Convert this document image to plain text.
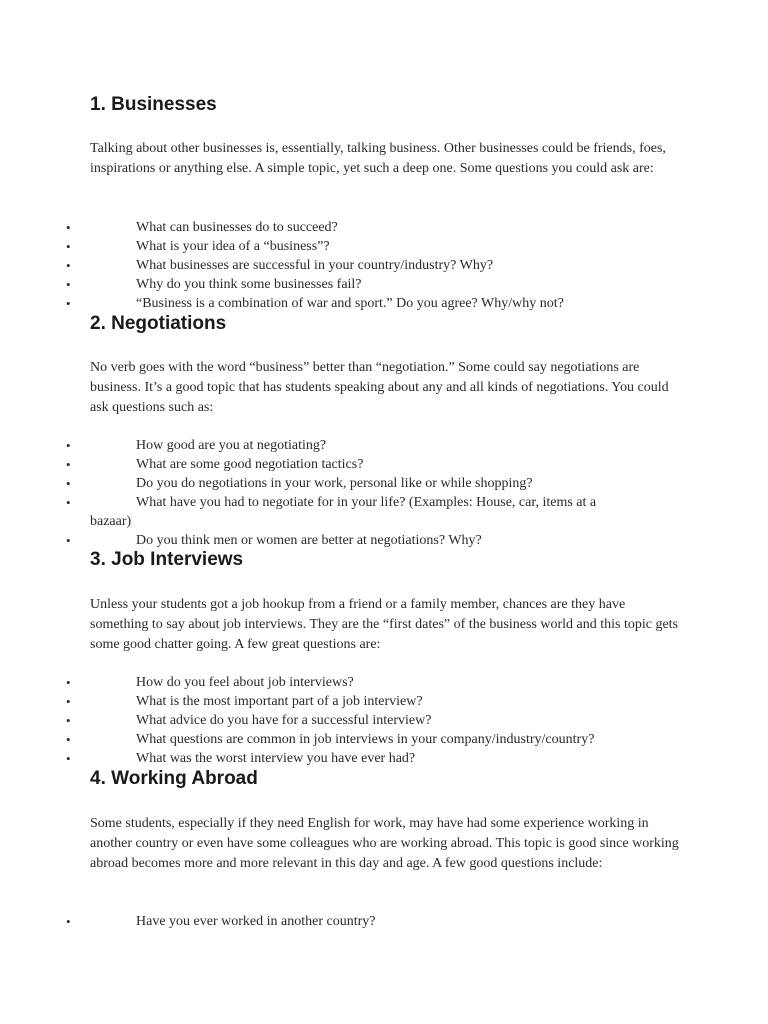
1. Businesses

Talking about other businesses is, essentially, talking business. Other businesses could be friends, foes, inspirations or anything else. A simple topic, yet such a deep one. Some questions you could ask are:

•	What can businesses do to succeed?
•	What is your idea of a “business”?
•	What businesses are successful in your country/industry? Why?
•	Why do you think some businesses fail?
•	“Business is a combination of war and sport.” Do you agree? Why/why not?
2. Negotiations

No verb goes with the word “business” better than “negotiation.” Some could say negotiations are business. It’s a good topic that has students speaking about any and all kinds of negotiations. You could ask questions such as:

•	How good are you at negotiating?
•	What are some good negotiation tactics?
•	Do you do negotiations in your work, personal like or while shopping?
•	What have you had to negotiate for in your life? (Examples: House, car, items at a
bazaar)
•	Do you think men or women are better at negotiations? Why?
3. Job Interviews

Unless your students got a job hookup from a friend or a family member, chances are they have something to say about job interviews. They are the “first dates” of the business world and this topic gets some good chatter going. A few great questions are:

•	How do you feel about job interviews?
•	What is the most important part of a job interview?
•	What advice do you have for a successful interview?
•	What questions are common in job interviews in your company/industry/country?
•	What was the worst interview you have ever had?
4. Working Abroad

Some students, especially if they need English for work, may have had some experience working in another country or even have some colleagues who are working abroad. This topic is good since working abroad becomes more and more relevant in this day and age. A few good questions include:

•	Have you ever worked in another country?
